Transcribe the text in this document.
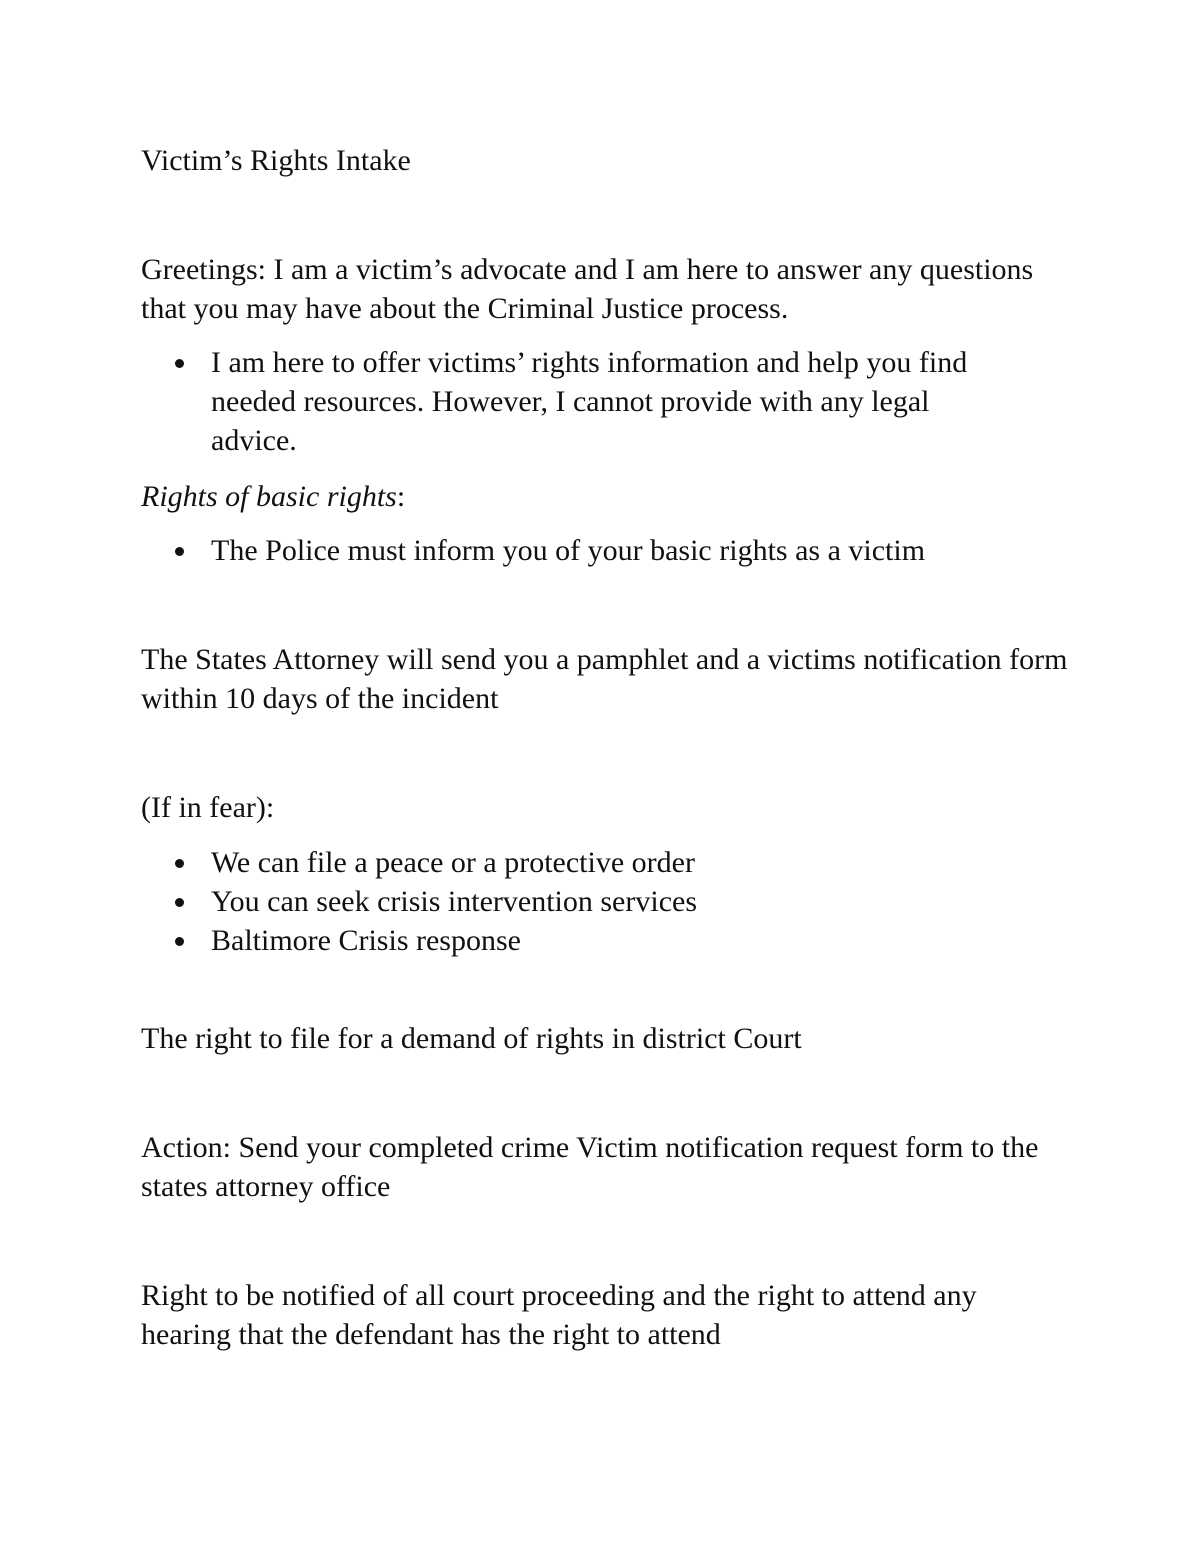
Victim’s Rights Intake

Greetings: I am a victim’s advocate and I am here to answer any questions that you may have about the Criminal Justice process.

I am here to offer victims’ rights information and help you find needed resources. However, I cannot provide with any legal advice.

Rights of basic rights:

The Police must inform you of your basic rights as a victim

The States Attorney will send you a pamphlet and a victims notification form within 10 days of the incident

(If in fear):

We can file a peace or a protective order
You can seek crisis intervention services
Baltimore Crisis response

The right to file for a demand of rights in district Court

Action: Send your completed crime Victim notification request form to the states attorney office

Right to be notified of all court proceeding and the right to attend any hearing that the defendant has the right to attend
